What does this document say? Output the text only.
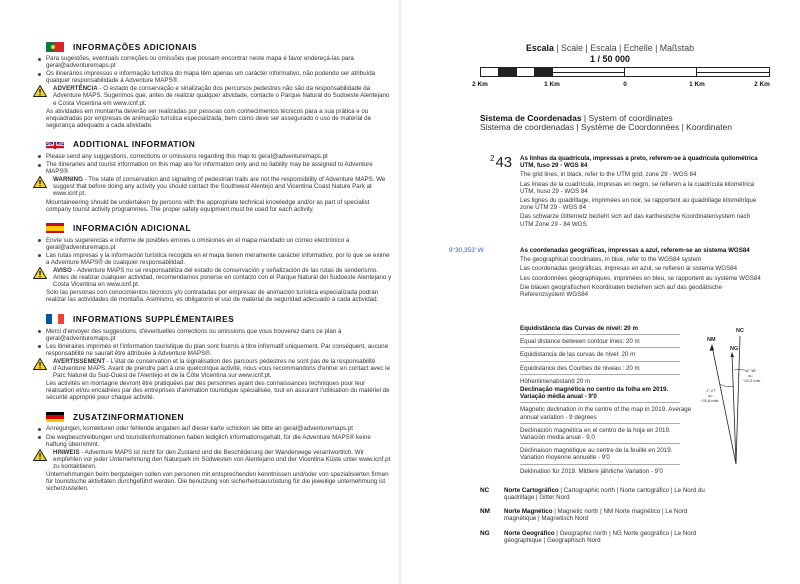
INFORMAÇÕES ADICIONAIS
Para sugestões, eventuais correções ou omissões que possam encontrar neste mapa é favor endereçá-las para geral@adventuremaps.pt
Os itinerários impressos e informação turística do mapa têm apenas um carácter informativo, não podendo ser atribuída qualquer responsabilidade à Adventure MAPS®.
ADVERTÊNCIA - O estado de conservação e sinalização dos percursos pedestres não são da responsabilidade da Adventure MAPS. Sugerimos que, antes de realizar qualquer atividade, contacte o Parque Natural do Sudoeste Alentejano e Costa Vicentina em www.icnf.pt.
As atividades em montanha deverão ser realizadas por pessoas com conhecimentos técnicos para a sua prática e ou enquadradas por empresas de animação turística especializada, bem como deve ser assegurado o uso de material de segurança adequado a cada atividade.
ADDITIONAL INFORMATION
Please send any suggestions, corrections or omissions regarding this map to geral@adventuremaps.pt
The itineraries and tourist information on this map are for information only and no liability may be assigned to Adventure MAPS®.
WARNING - The state of conservation and signaling of pedestrian trails are not the responsibility of Adventure MAPS. We suggest that before doing any activity you should contact the Southwest Alentejo and Vicentina Coast Nature Park at www.icnf.pt.
Mountaineering should be undertaken by persons with the appropriate technical knowledge and/or as part of specialist company tourist activity programmes. The proper safety equipment must be used for each activity.
INFORMACIÓN ADICIONAL
Envíe sus sugerencias e informe de posibles errores u omisiones en el mapa mandado un correo electrónico a geral@adventuremaps.pt
Las rutas impresas y la información turística recogida en el mapa tienen meramente carácter informativo, por lo que se exime a Adventure MAPS® de cualquier responsabilidad.
AVISO - Adventure MAPS no se responsabiliza del estado de conservación y señalización de las rutas de senderismo. Antes de realizar cualquier actividad, recomendamos ponerse en contacto con el Parque Natural del Sudoeste Alentejano y Costa Vicentina en www.icnf.pt.
Solo las personas con conocimientos técnicos y/o contratadas por empresas de animación turística especializada podrán realizar las actividades de montaña. Asimismo, es obligatorio el uso de material de seguridad adecuado a cada actividad.
INFORMATIONS SUPPLÉMENTAIRES
Merci d'envoyer des suggestions, d'éventuelles corrections ou omissions que vous trouverez dans ce plan à geral@adventuremaps.pt
Les itinéraires imprimés et l'information touristique du plan sont fournis à titre informatif uniquement. Par conséquent, aucune responsabilité ne saurait être attribuée à Adventure MAPS®.
AVERTISSEMENT - L'état de conservation et la signalisation des parcours pédestres ne sont pas de la responsabilité d'Adventure MAPS. Avant de prendre part à une quelconque activité, nous vous recommandons d'entrer en contact avec le Parc Naturel du Sud-Ouest de l'Alentejo et de la Côte Vicentina sur www.icnf.pt.
Les activités en montagne devront être pratiquées par des personnes ayant des connaissances techniques pour leur réalisation et/ou encadrées par des entreprises d'animation touristique spécialisée, tout en assurant l'utilisation du matériel de sécurité approprié pour chaque activité.
ZUSATZINFORMATIONEN
Anregungen, korrekturen oder fehlende angaben auf dieser karte schicken sie bitte an geral@adventuremaps.pt
Die wegbeschreibungen und touristikinformationen haben lediglich informationsgehalt, für die Adventure MAPS® keine haftung übernimmt.
HINWEIS - Adventure MAPS ist nicht für den Zustand und die Beschilderung der Wanderwege verantwortlich. Wir empfehlen vor jeder Unternehmung den Naturpark im Südwesten von Alentejano und der Vicentina Küste unter www.icnf.pt zu kontaktieren.
Unternehmungen beim bergsteigen sollen von personen mit entsprechenden kenntnissen und/oder von spezialisierten firmen für touristische aktivitäten durchgeführt werden. Die benutzung von sicherheitsausrüstung für die jeweilige unternehmung ist sicherzustellen.
Escala | Scale | Escala | Echelle | Maßstab
1 / 50 000
2 Km	1 Km	0	1 Km	2 Km
Sistema de Coordenadas | System of coordinates
Sistema de coordenadas | Système de Coordonnées | Koordinaten
$^2$43 As linhas da quadrícula, impressas a preto, referem-se à quadrícula quilométrica UTM, fuso 29 - WGS 84

The grid lines, in black, refer to the UTM grid, zone 29 - WGS 84

Las líneas de la cuadrícula, impresas en negro, se refieren a la cuadrícula kilométrica UTM, huso 29 - WGS 84

Les lignes du quadrillage, imprimées en noir, se rapportent au quadrillage kilométrique zone UTM 29 - WGS 84

Das schwarze Gitternetz bezieht sich auf das karthesische Koordinatensystem nach UTM Zone 29 - 84 WGS

9°30,353' W	As coordenadas geográficas, impressas a azul, referem-se ao sistema WGS84

The geographical coordinates, in blue, refer to the WGS84 system

Las coordenadas geográficas, impresas en azul, se refieren al sistema WGS84

Les coordonnées géographiques, imprimées en bleu, se rapportent au système WGS84

Die blauen geografischen Koordinaten beziehen sich auf das geodätische Referenzsystem WGS84

Equidistância das Curvas de nível: 20 m

Equal distance between contour lines: 20 m

Equidistancia de las curvas de nivel: 20 m

Equidistance des Courbes de niveau : 20 m

Höhenlinienabstand 20 m

Declinação magnética no centro da folha em 2019. Variação média anual - 9'0

Magnetic declination in the centre of the map in 2019. Average annual variation - 9 degrees

Declinación magnética en el centro de la hoja en 2019. Variación media anual - 9,0

Déclinaison magnétique au centre de la feuille en 2019. Variation moyenne annuelle - 9'0

Deklination für 2019. Mittlere jährliche Variation - 9'0

NC
NM
NG
1° 38'
ou
~29,3 mils
1° 27'
ou
~25,8 mils
NC Norte Cartográfico | Cartographic north | Norte cartográfico | Le Nord du quadrillage | Gitter Nord
NM Norte Magnético | Magnetic north | NM Norte magnético | Le Nord magnétique | Magnetisch Nord
NG Norte Geográfico | Geographic north | NG Norte geográfico | Le Nord géographique | Geographisch Nord
